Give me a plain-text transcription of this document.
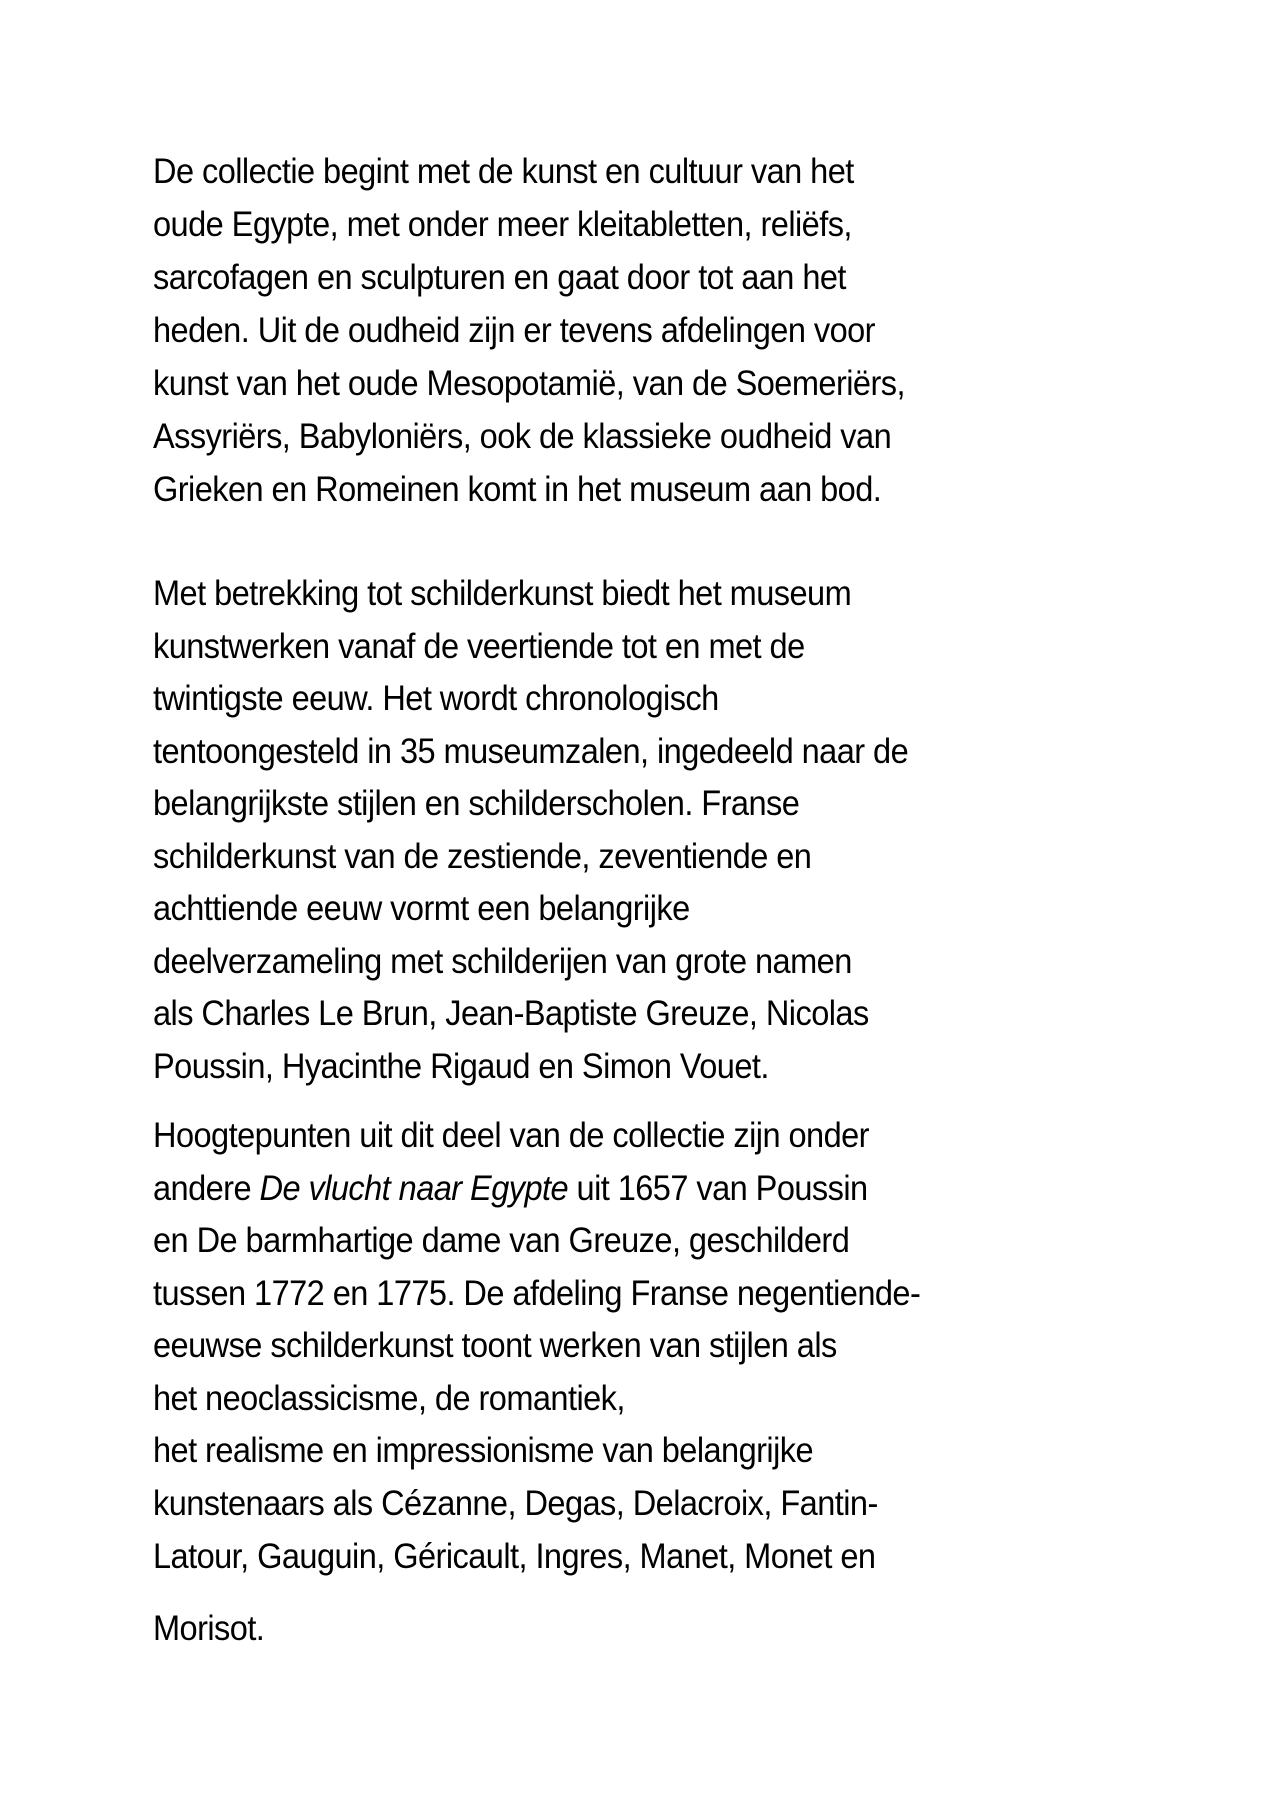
De collectie begint met de kunst en cultuur van het
oude Egypte, met onder meer kleitabletten, reliëfs,
sarcofagen en sculpturen en gaat door tot aan het
heden. Uit de oudheid zijn er tevens afdelingen voor
kunst van het oude Mesopotamië, van de Soemeriërs,
Assyriërs, Babyloniërs, ook de klassieke oudheid van
Grieken en Romeinen komt in het museum aan bod.
Met betrekking tot schilderkunst biedt het museum
kunstwerken vanaf de veertiende tot en met de
twintigste eeuw. Het wordt chronologisch
tentoongesteld in 35 museumzalen, ingedeeld naar de
belangrijkste stijlen en schilderscholen. Franse
schilderkunst van de zestiende, zeventiende en
achttiende eeuw vormt een belangrijke
deelverzameling met schilderijen van grote namen
als Charles Le Brun, Jean-Baptiste Greuze, Nicolas
Poussin, Hyacinthe Rigaud en Simon Vouet.
Hoogtepunten uit dit deel van de collectie zijn onder
andere De vlucht naar Egypte uit 1657 van Poussin
en De barmhartige dame van Greuze, geschilderd
tussen 1772 en 1775. De afdeling Franse negentiende-
eeuwse schilderkunst toont werken van stijlen als
het neoclassicisme, de romantiek,
het realisme en impressionisme van belangrijke
kunstenaars als Cézanne, Degas, Delacroix, Fantin-
Latour, Gauguin, Géricault, Ingres, Manet, Monet en
Morisot.
